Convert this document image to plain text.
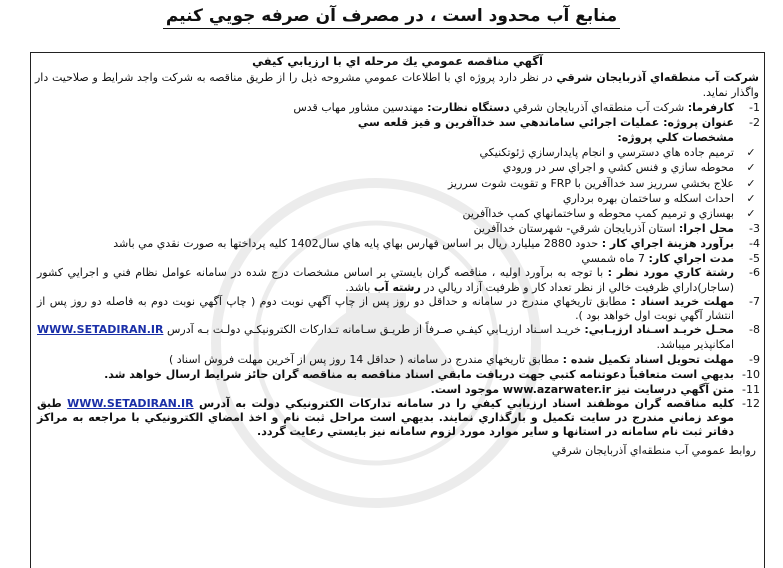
منابع آب محدود است ، در مصرف آن صرفه جويي كنيم
آگهي مناقصه عمومي يك مرحله اي با ارزيابي كيفي
شركت آب منطقه‌اي آذربايجان شرقي در نظر دارد پروژه اي با اطلاعات عمومي مشروحه ذيل را از طريق مناقصه به شركت واجد شرايط و صلاحيت دار واگذار نمايد.
1-
كارفرما: شركت آب منطقه‌اي آذربايجان شرقي دستگاه نظارت: مهندسين مشاور مهاب قدس
2-
عنوان پروژه: عمليات اجرائي ساماندهي سد خداآفرين و قيز قلعه سي
مشخصات كلي پروژه:
✓
ترميم جاده هاي دسترسي و انجام پايدارسازي ژئوتكنيكي
✓
محوطه سازي و فنس كشي و اجراي سر در ورودي
✓
علاج بخشي سرريز سد خداآفرين با FRP و تقويت شوت سرريز
✓
احداث اسكله و ساختمان بهره برداري
✓
بهسازي و ترميم كمپ محوطه و ساختمانهاي كمپ خداآفرين
3-
محل اجرا: استان آذربايجان شرقي- شهرستان خداآفرين
4-
برآورد هزينة اجراي كار : حدود 2880 ميلیارد ريال بر اساس فهارس بهاي پايه هاي سال1402 كليه پرداختها به صورت نقدي مي باشد
5-
مدت اجراي كار: 7 ماه شمسي
6-
رشتة كاري مورد نظر : با توجه به برآورد اوليه ، مناقصه گران بايستي بر اساس مشخصات درج شده در سامانه عوامل نظام فني و اجرايي كشور (ساجار)داراي ظرفيت خالي از نظر تعداد كار و ظرفيت آزاد ريالي در رشته آب باشد.
7-
مهلت خريد اسناد : مطابق تاريخهاي مندرج در سامانه و حداقل دو روز پس از چاپ آگهي نوبت دوم ( چاپ آگهي نوبت دوم به فاصله دو روز پس از انتشار آگهي نوبت اول خواهد بود ).
8-
محـل خريـد اسـناد ارزيـابي: خريـد اسـناد ارزيـابي كيفـي صـرفاً از طريـق سـامانه تـداركات الكترونيكـي دولـت بـه آدرس WWW.SETADIRAN.IR امكانپذير ميباشد.
9-
مهلت تحويل اسناد تكميل شده : مطابق تاريخهاي مندرج در سامانه ( حداقل 14 روز پس از آخرين مهلت فروش اسناد )
10-
بديهي است متعاقباً دعوتنامه كتبي جهت دريافت مابقي اسناد مناقصه به مناقصه گران حائز شرايط ارسال خواهد شد.
11-
متن آگهي درسايت نيز www.azarwater.ir موجود است.
12-
كليه مناقصه گران موظفند اسناد ارزيابي كيفي را در سامانه تداركات الكترونيكي دولت به آدرس WWW.SETADIRAN.IR طبق موعد زماني مندرج در سايت تكميل و بارگذاري نمايند. بديهي است مراحل ثبت نام و اخذ امضاي الكترونيكي با مراجعه به مراكز دفاتر ثبت نام سامانه در استانها و ساير موارد مورد لزوم سامانه نيز بايستي رعايت گردد.
روابط عمومي آب منطقه‌اي آذربايجان شرقي
